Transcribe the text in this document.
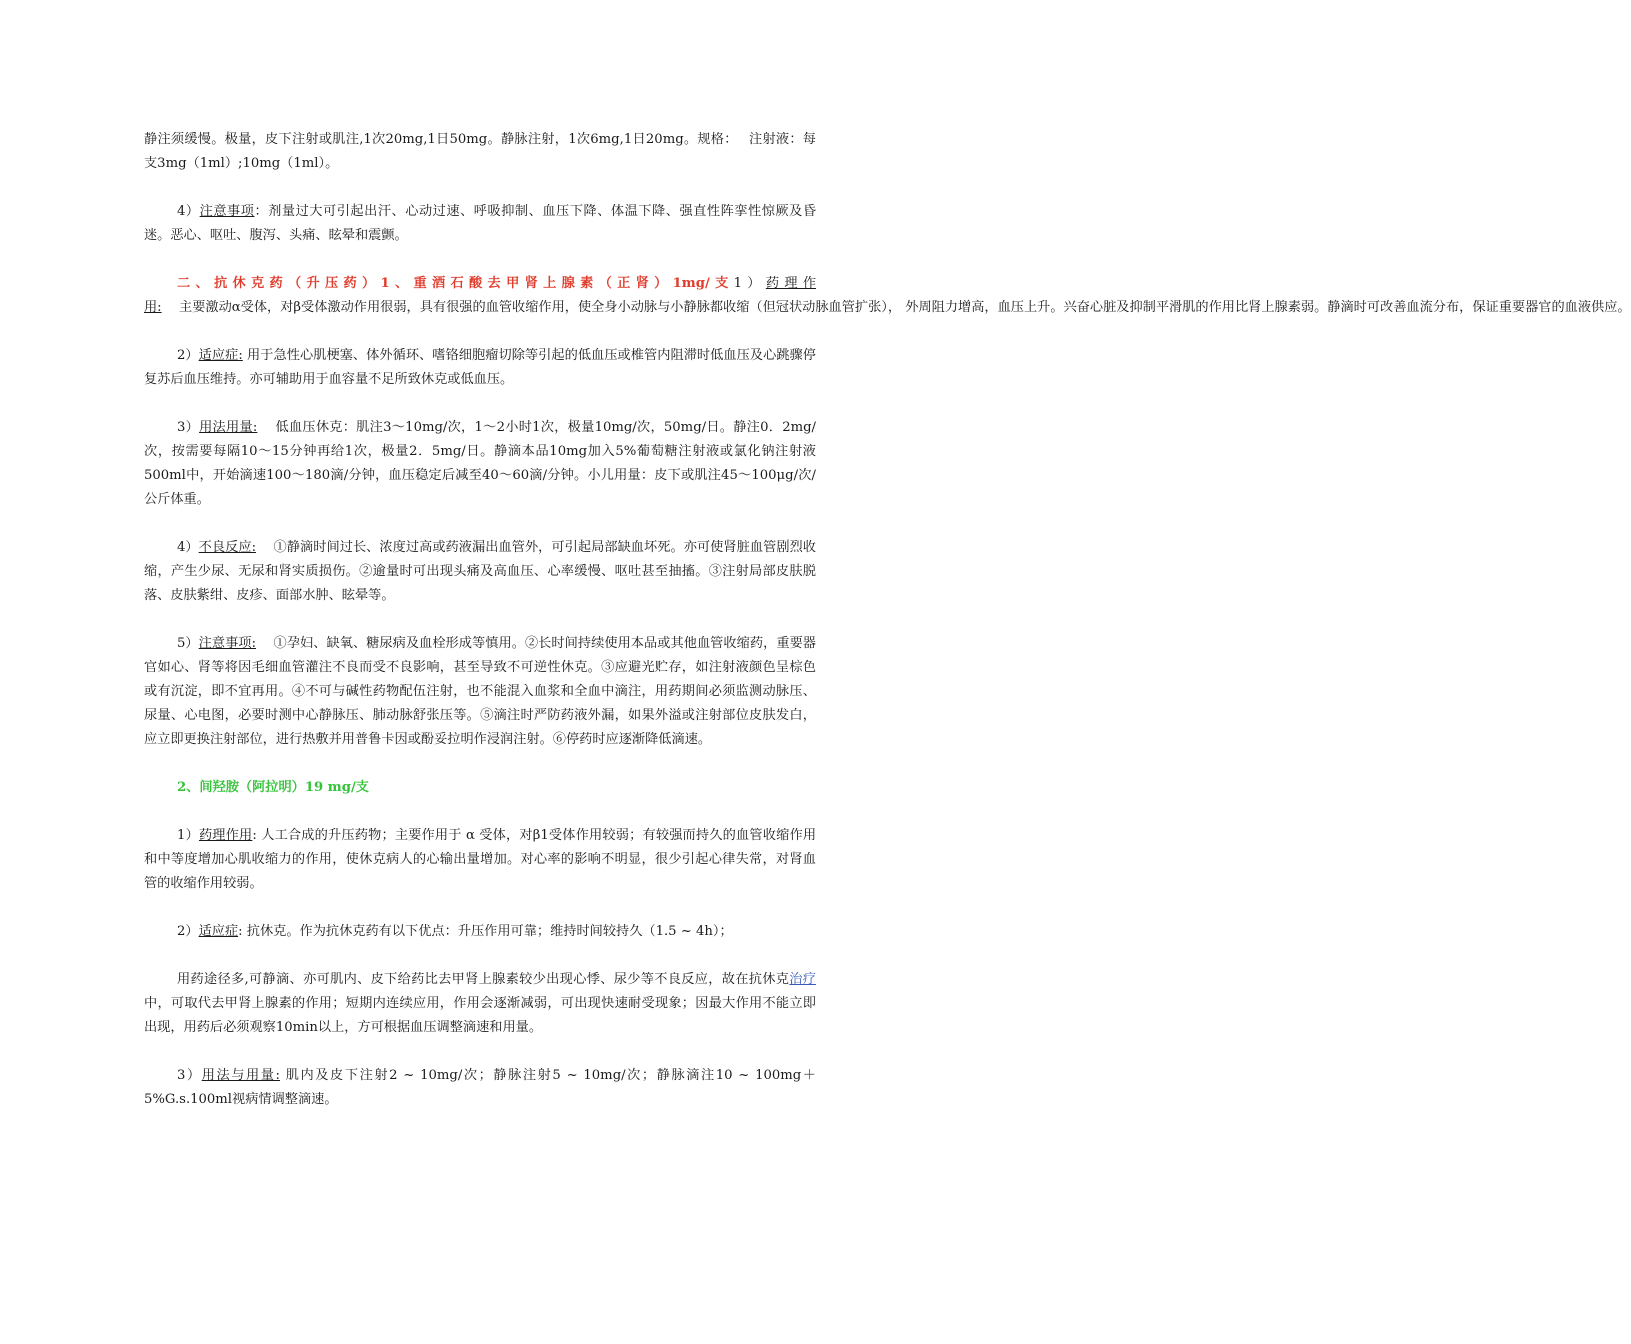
静注须缓慢。极量，皮下注射或肌注,1次20mg,1日50mg。静脉注射，1次6mg,1日20mg。规格：　 注射液：每支3mg（1ml）;10mg（1ml）。

4）注意事项：剂量过大可引起出汗、心动过速、呼吸抑制、血压下降、体温下降、强直性阵挛性惊厥及昏迷。恶心、呕吐、腹泻、头痛、眩晕和震颤。

二、抗休克药（升压药）1、重酒石酸去甲肾上腺素（正肾）1mg/支1）药理作用:　 主要激动α受体，对β受体激动作用很弱，具有很强的血管收缩作用，使全身小动脉与小静脉都收缩（但冠状动脉血管扩张）， 外周阻力增高，血压上升。兴奋心脏及抑制平滑肌的作用比肾上腺素弱。静滴时可改善血流分布，保证重要器官的血液供应。

2）适应症: 用于急性心肌梗塞、体外循环、嗜铬细胞瘤切除等引起的低血压或椎管内阻滞时低血压及心跳骤停复苏后血压维持。亦可辅助用于血容量不足所致休克或低血压。

3）用法用量:　 低血压休克：肌注3～10mg/次，1～2小时1次，极量10mg/次，50mg/日。静注0．2mg/次，按需要每隔10～15分钟再给1次，极量2．5mg/日。静滴本品10mg加入5%葡萄糖注射液或氯化钠注射液500ml中，开始滴速100～180滴/分钟，血压稳定后减至40～60滴/分钟。小儿用量：皮下或肌注45～100μg/次/公斤体重。

4）不良反应:　 ①静滴时间过长、浓度过高或药液漏出血管外，可引起局部缺血坏死。亦可使肾脏血管剧烈收缩，产生少尿、无尿和肾实质损伤。②逾量时可出现头痛及高血压、心率缓慢、呕吐甚至抽搐。③注射局部皮肤脱落、皮肤紫绀、皮疹、面部水肿、眩晕等。

5）注意事项:　 ①孕妇、缺氧、糖尿病及血栓形成等慎用。②长时间持续使用本品或其他血管收缩药，重要器官如心、肾等将因毛细血管灌注不良而受不良影响，甚至导致不可逆性休克。③应避光贮存，如注射液颜色呈棕色或有沉淀，即不宜再用。④不可与碱性药物配伍注射，也不能混入血浆和全血中滴注，用药期间必须监测动脉压、尿量、心电图，必要时测中心静脉压、肺动脉舒张压等。⑤滴注时严防药液外漏，如果外溢或注射部位皮肤发白，应立即更换注射部位，进行热敷并用普鲁卡因或酚妥拉明作浸润注射。⑥停药时应逐渐降低滴速。

2、间羟胺（阿拉明）19 mg/支

1）药理作用: 人工合成的升压药物；主要作用于 α 受体，对β1受体作用较弱；有较强而持久的血管收缩作用和中等度增加心肌收缩力的作用，使休克病人的心输出量增加。对心率的影响不明显，很少引起心律失常，对肾血管的收缩作用较弱。

2）适应症: 抗休克。作为抗休克药有以下优点：升压作用可靠；维持时间较持久（1.5 ~ 4h）；

用药途径多,可静滴、亦可肌内、皮下给药比去甲肾上腺素较少出现心悸、尿少等不良反应，故在抗休克治疗中，可取代去甲肾上腺素的作用；短期内连续应用，作用会逐渐减弱，可出现快速耐受现象；因最大作用不能立即出现，用药后必须观察10min以上，方可根据血压调整滴速和用量。

3）用法与用量: 肌内及皮下注射2 ~ 10mg/次；静脉注射5 ~ 10mg/次；静脉滴注10 ~ 100mg＋5%G.s.100ml视病情调整滴速。
